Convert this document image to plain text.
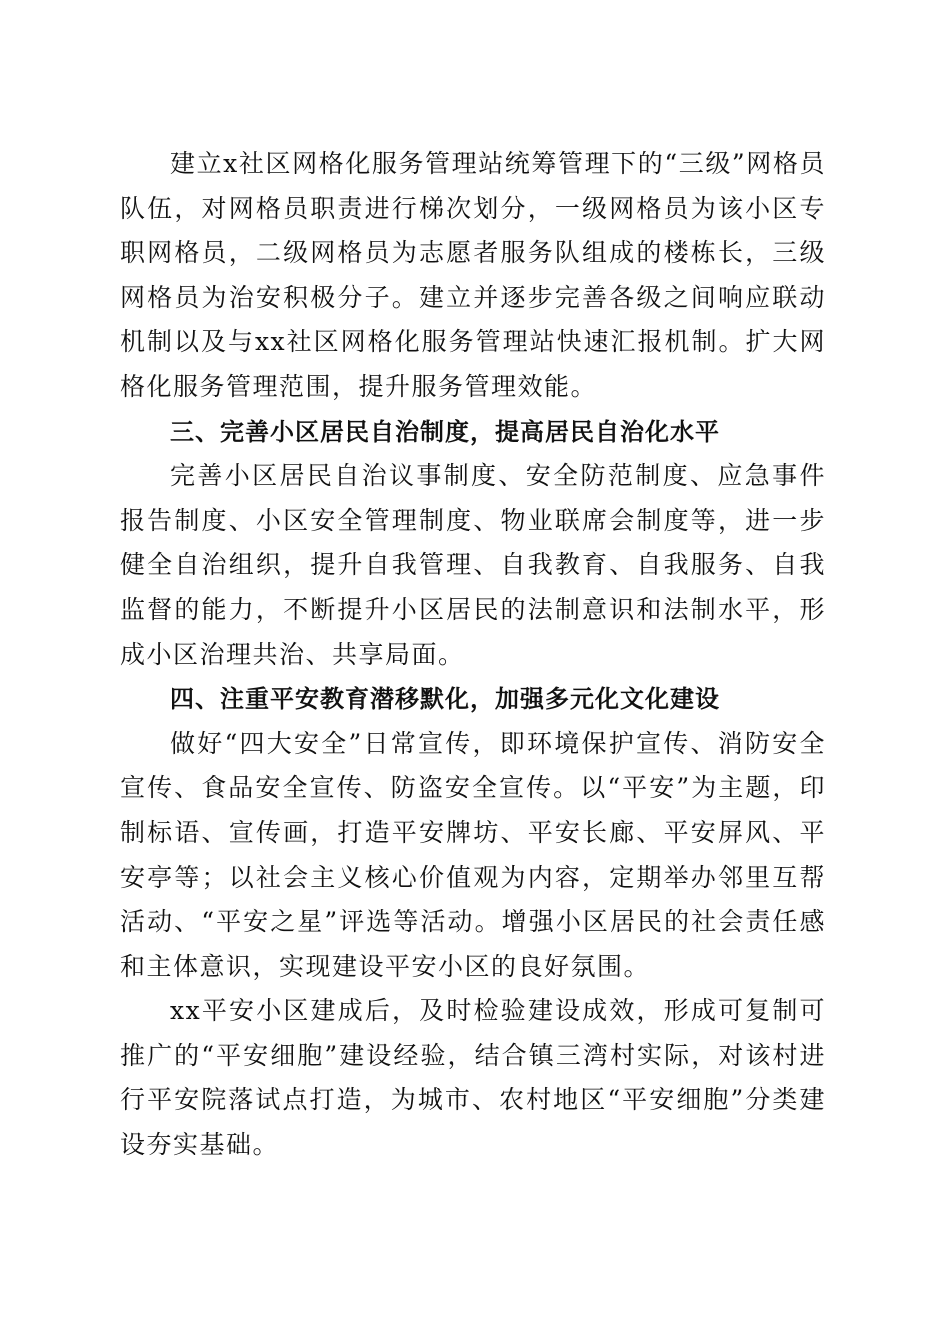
建立x社区网格化服务管理站统筹管理下的“三级”网格员队伍，对网格员职责进行梯次划分，一级网格员为该小区专职网格员，二级网格员为志愿者服务队组成的楼栋长，三级网格员为治安积极分子。建立并逐步完善各级之间响应联动机制以及与xx社区网格化服务管理站快速汇报机制。扩大网格化服务管理范围，提升服务管理效能。

三、完善小区居民自治制度，提高居民自治化水平

完善小区居民自治议事制度、安全防范制度、应急事件报告制度、小区安全管理制度、物业联席会制度等，进一步健全自治组织，提升自我管理、自我教育、自我服务、自我监督的能力，不断提升小区居民的法制意识和法制水平，形成小区治理共治、共享局面。

四、注重平安教育潜移默化，加强多元化文化建设

做好“四大安全”日常宣传，即环境保护宣传、消防安全宣传、食品安全宣传、防盗安全宣传。以“平安”为主题，印制标语、宣传画，打造平安牌坊、平安长廊、平安屏风、平安亭等；以社会主义核心价值观为内容，定期举办邻里互帮活动、“平安之星”评选等活动。增强小区居民的社会责任感和主体意识，实现建设平安小区的良好氛围。

xx平安小区建成后，及时检验建设成效，形成可复制可推广的“平安细胞”建设经验，结合镇三湾村实际，对该村进行平安院落试点打造，为城市、农村地区“平安细胞”分类建设夯实基础。
